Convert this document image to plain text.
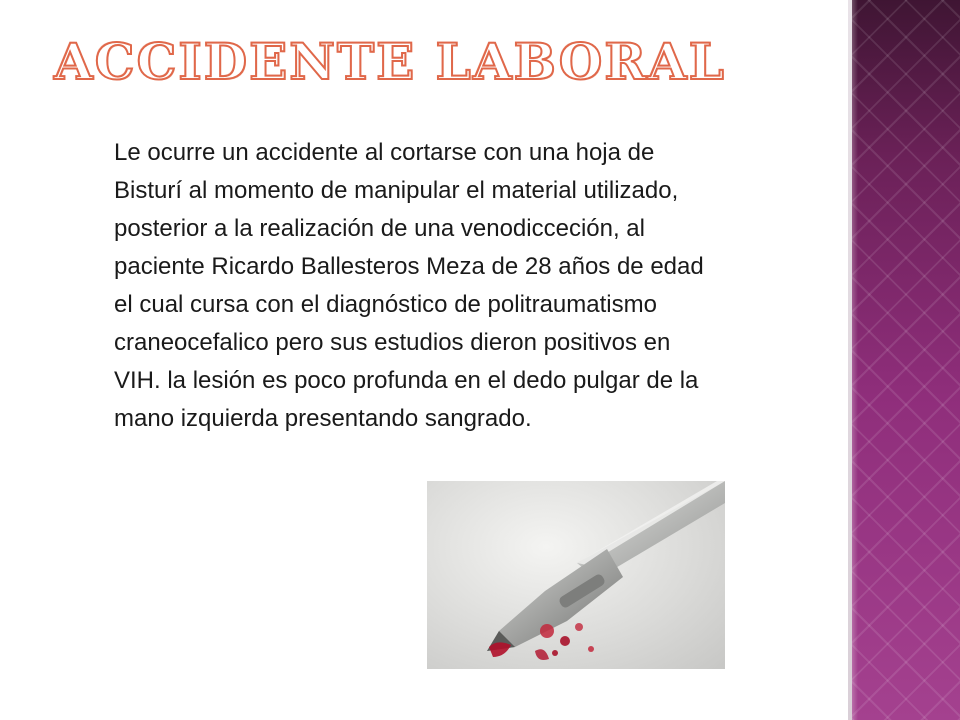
ACCIDENTE LABORAL

Le ocurre un accidente al cortarse con una hoja de Bisturí al momento de manipular el material utilizado, posterior a la realización de una venodicceción, al paciente Ricardo Ballesteros Meza de 28 años de edad el cual cursa con el diagnóstico de politraumatismo craneocefalico pero sus estudios dieron positivos en VIH. la lesión es poco profunda en el dedo pulgar de la mano izquierda presentando sangrado.
